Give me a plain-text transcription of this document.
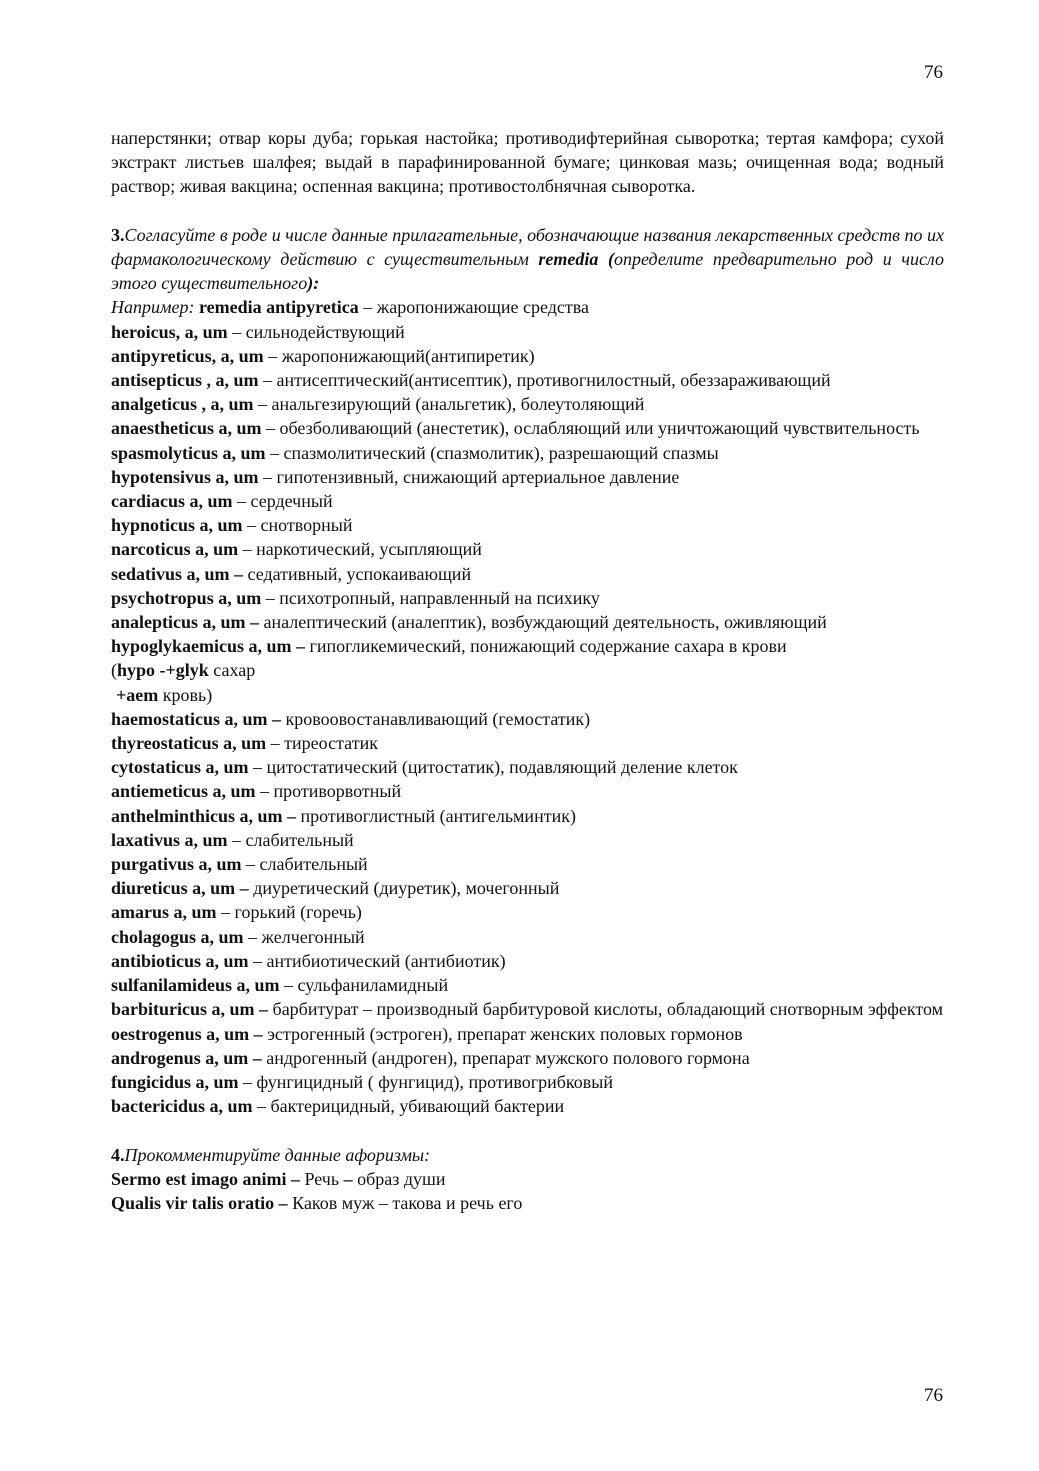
76

наперстянки; отвар коры дуба; горькая настойка; противодифтерийная сыворотка; тертая камфора; сухой экстракт листьев шалфея; выдай в парафинированной бумаге; цинковая мазь; очищенная вода; водный раствор; живая вакцина; оспенная вакцина; противостолбнячная сыворотка.

3.Согласуйте в роде и числе данные прилагательные, обозначающие названия лекарственных средств по их фармакологическому действию с существительным remedia (определите предварительно род и число этого существительного):

Например: remedia antipyretica – жаропонижающие средства

heroicus, a, um – сильнодействующий

antipyreticus, a, um – жаропонижающий(антипиретик)

antisepticus , a, um – антисептический(антисептик), противогнилостный, обеззараживающий

analgeticus , a, um – анальгезирующий (анальгетик), болеутоляющий

anaestheticus a, um – обезболивающий (анестетик), ослабляющий или уничтожающий чувствительность

spasmolyticus a, um – спазмолитический (спазмолитик), разрешающий спазмы

hypotensivus a, um – гипотензивный, снижающий артериальное давление

cardiacus a, um – сердечный

hypnoticus a, um – снотворный

narcoticus a, um – наркотический, усыпляющий

sedativus a, um – седативный, успокаивающий

psychotropus a, um – психотропный, направленный на психику

analepticus a, um – аналептический (аналептик), возбуждающий деятельность, оживляющий

hypoglykaemicus a, um – гипогликемический, понижающий содержание сахара в крови

(hypo -+glyk сахар

+aem кровь)

haemostaticus a, um – кровоовостанавливающий (гемостатик)

thyreostaticus a, um – тиреостатик

cytostaticus a, um – цитостатический (цитостатик), подавляющий деление клеток

antiemeticus a, um – противорвотный

anthelminthicus a, um – противоглистный (антигельминтик)

laxativus a, um – слабительный

purgativus a, um – слабительный

diureticus a, um – диуретический (диуретик), мочегонный

amarus a, um – горький (горечь)

cholagogus a, um – желчегонный

antibioticus a, um – антибиотический (антибиотик)

sulfanilamideus a, um – сульфаниламидный

barbituricus a, um – барбитурат – производный барбитуровой кислоты, обладающий снотворным эффектом

oestrogenus a, um – эстрогенный (эстроген), препарат женских половых гормонов

androgenus a, um – андрогенный (андроген), препарат мужского полового гормона

fungicidus a, um – фунгицидный ( фунгицид), противогрибковый

bactericidus a, um – бактерицидный, убивающий бактерии

4.Прокомментируйте данные афоризмы:

Sermo est imago animi – Речь – образ души

Qualis vir talis oratio – Каков муж – такова и речь его

76
